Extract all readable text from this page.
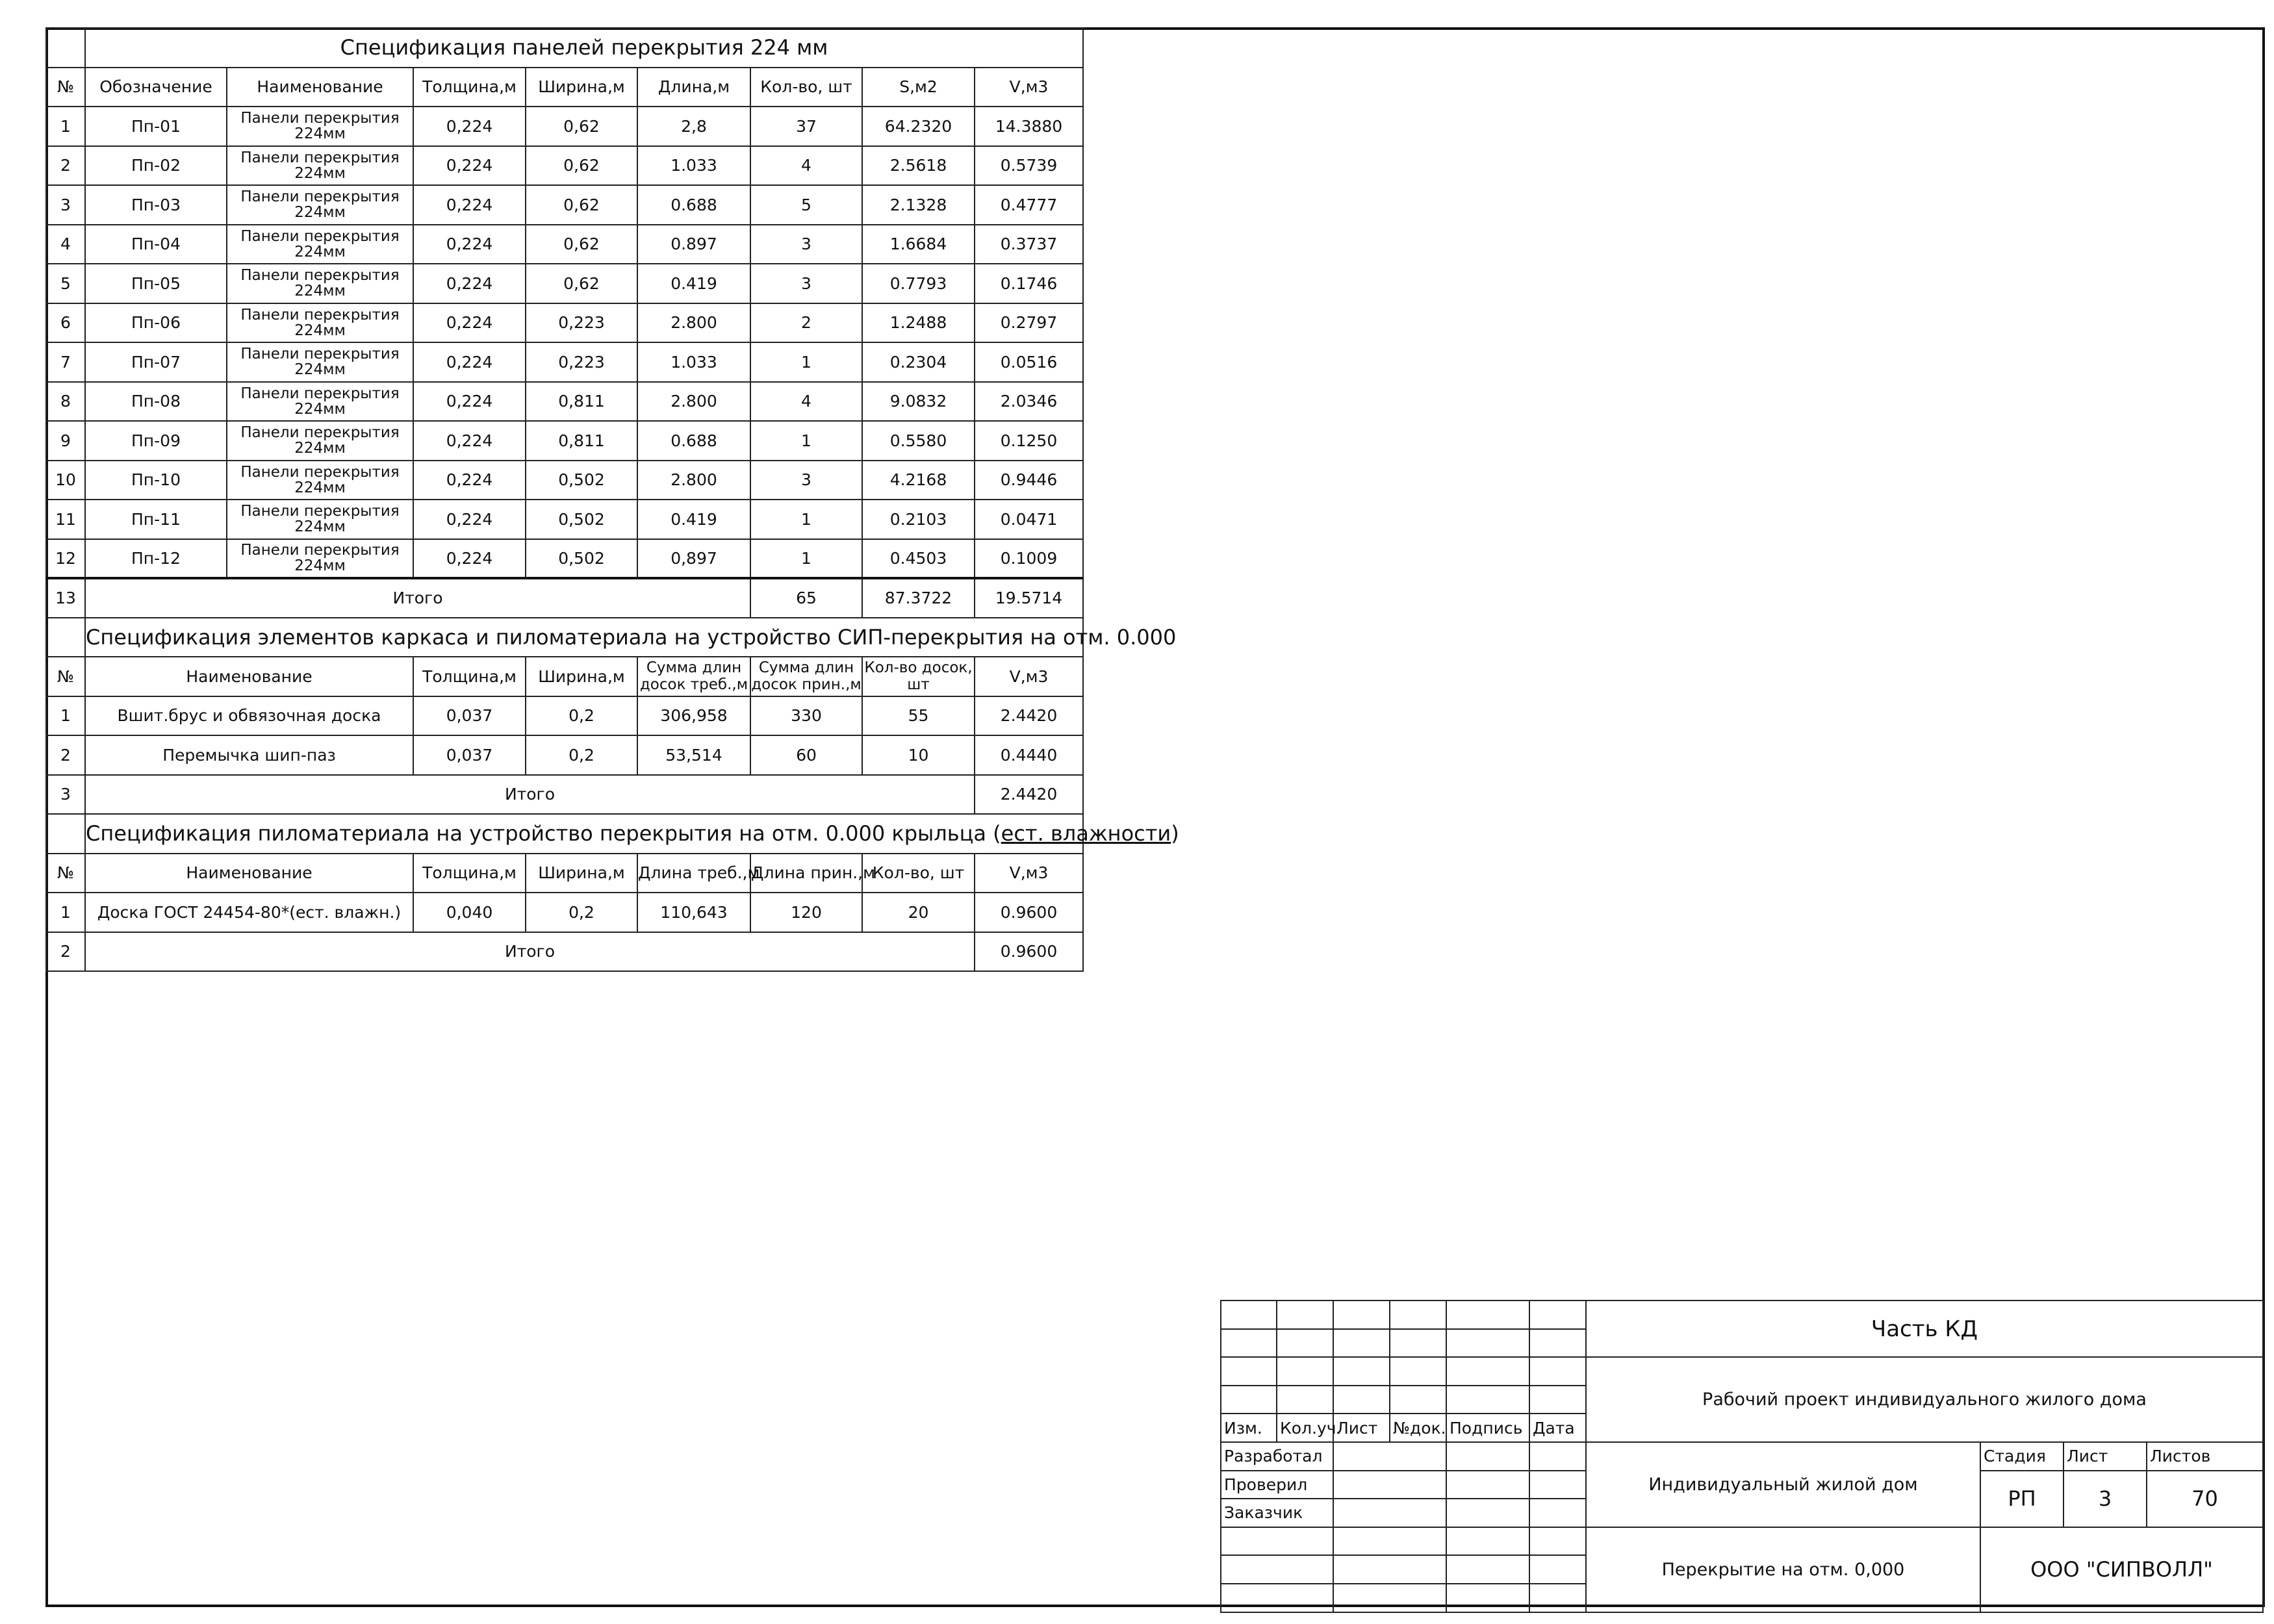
	Спецификация панелей перекрытия 224 мм							
№	Обозначение	Наименование	Толщина,м	Ширина,м	Длина,м	Кол-во, шт	S,м2	V,м3
1	Пп-01	Панели перекрытия 224мм	0,224	0,62	2,8	37	64.2320	14.3880
2	Пп-02	Панели перекрытия 224мм	0,224	0,62	1.033	4	2.5618	0.5739
3	Пп-03	Панели перекрытия 224мм	0,224	0,62	0.688	5	2.1328	0.4777
4	Пп-04	Панели перекрытия 224мм	0,224	0,62	0.897	3	1.6684	0.3737
5	Пп-05	Панели перекрытия 224мм	0,224	0,62	0.419	3	0.7793	0.1746
6	Пп-06	Панели перекрытия 224мм	0,224	0,223	2.800	2	1.2488	0.2797
7	Пп-07	Панели перекрытия 224мм	0,224	0,223	1.033	1	0.2304	0.0516
8	Пп-08	Панели перекрытия 224мм	0,224	0,811	2.800	4	9.0832	2.0346
9	Пп-09	Панели перекрытия 224мм	0,224	0,811	0.688	1	0.5580	0.1250
10	Пп-10	Панели перекрытия 224мм	0,224	0,502	2.800	3	4.2168	0.9446
11	Пп-11	Панели перекрытия 224мм	0,224	0,502	0.419	1	0.2103	0.0471
12	Пп-12	Панели перекрытия 224мм	0,224	0,502	0,897	1	0.4503	0.1009
13	Итого					65	87.3722	19.5714
	Спецификация элементов каркаса и пиломатериала на устройство СИП-перекрытия на отм. 0.000							
№	Наименование		Толщина,м	Ширина,м	Сумма длин досок треб.,м	Сумма длин досок прин.,м	Кол-во досок, шт	V,м3
1	Вшит.брус и обвязочная доска		0,037	0,2	306,958	330	55	2.4420
2	Перемычка шип-паз		0,037	0,2	53,514	60	10	0.4440
3	Итого							2.4420
	Спецификация пиломатериала на устройство перекрытия на отм. 0.000 крыльца (ест. влажности)							
№	Наименование		Толщина,м	Ширина,м	Длина треб.,м	Длина прин.,м	Кол-во, шт	V,м3
1	Доска ГОСТ 24454-80*(ест. влажн.)		0,040	0,2	110,643	120	20	0.9600
2	Итого							0.9600
						Часть КД			

						Рабочий проект индивидуального жилого дома			

Изм.	Кол.уч.	Лист	№док.	Подпись	Дата				
Разработал						Индивидуальный жилой дом	Стадия	Лист	Листов
Проверил							РП	3	70
Заказчик									
						Перекрытие на отм. 0,000	ООО "СИПВОЛЛ"		
